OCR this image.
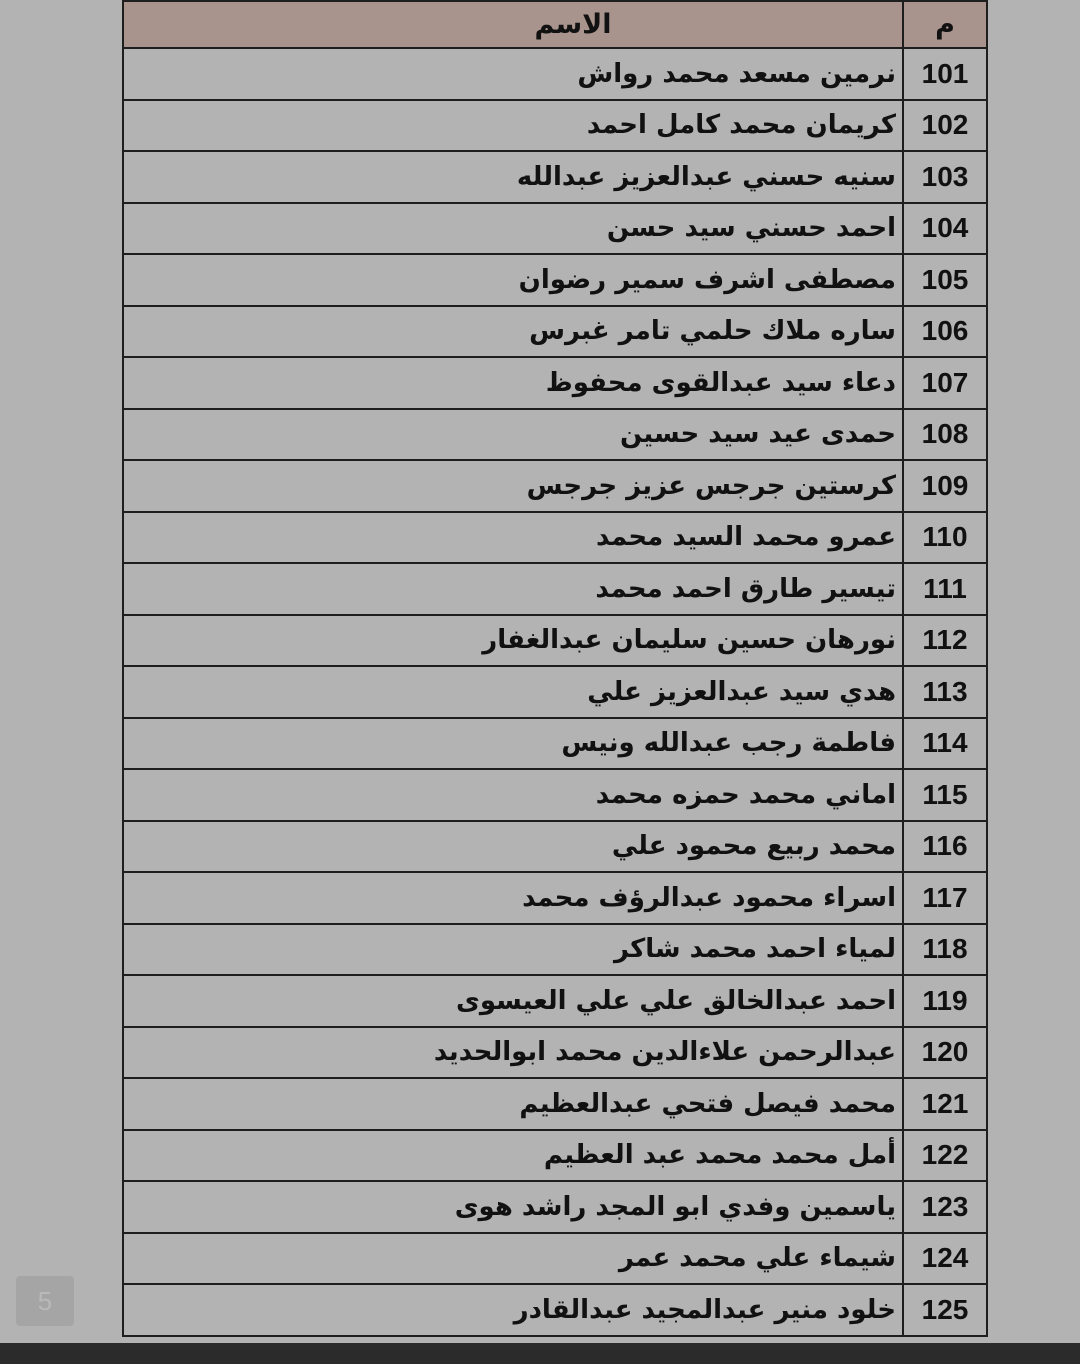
م	الاسم
101	نرمين مسعد محمد رواش
102	كريمان محمد كامل احمد
103	سنيه حسني عبدالعزيز عبدالله
104	احمد حسني سيد حسن
105	مصطفى اشرف سمير رضوان
106	ساره ملاك حلمي تامر غبرس
107	دعاء سيد عبدالقوى محفوظ
108	حمدى عيد سيد حسين
109	كرستين جرجس عزيز جرجس
110	عمرو محمد السيد محمد
111	تيسير طارق احمد محمد
112	نورهان حسين سليمان عبدالغفار
113	هدي سيد عبدالعزيز علي
114	فاطمة رجب عبدالله ونيس
115	اماني محمد حمزه محمد
116	محمد ربيع محمود علي
117	اسراء محمود عبدالرؤف محمد
118	لمياء احمد محمد شاكر
119	احمد عبدالخالق علي علي العيسوى
120	عبدالرحمن علاءالدين محمد ابوالحديد
121	محمد فيصل فتحي عبدالعظيم
122	أمل محمد محمد عبد العظيم
123	ياسمين وفدي ابو المجد راشد هوى
124	شيماء علي محمد عمر
125	خلود منير عبدالمجيد عبدالقادر
5
